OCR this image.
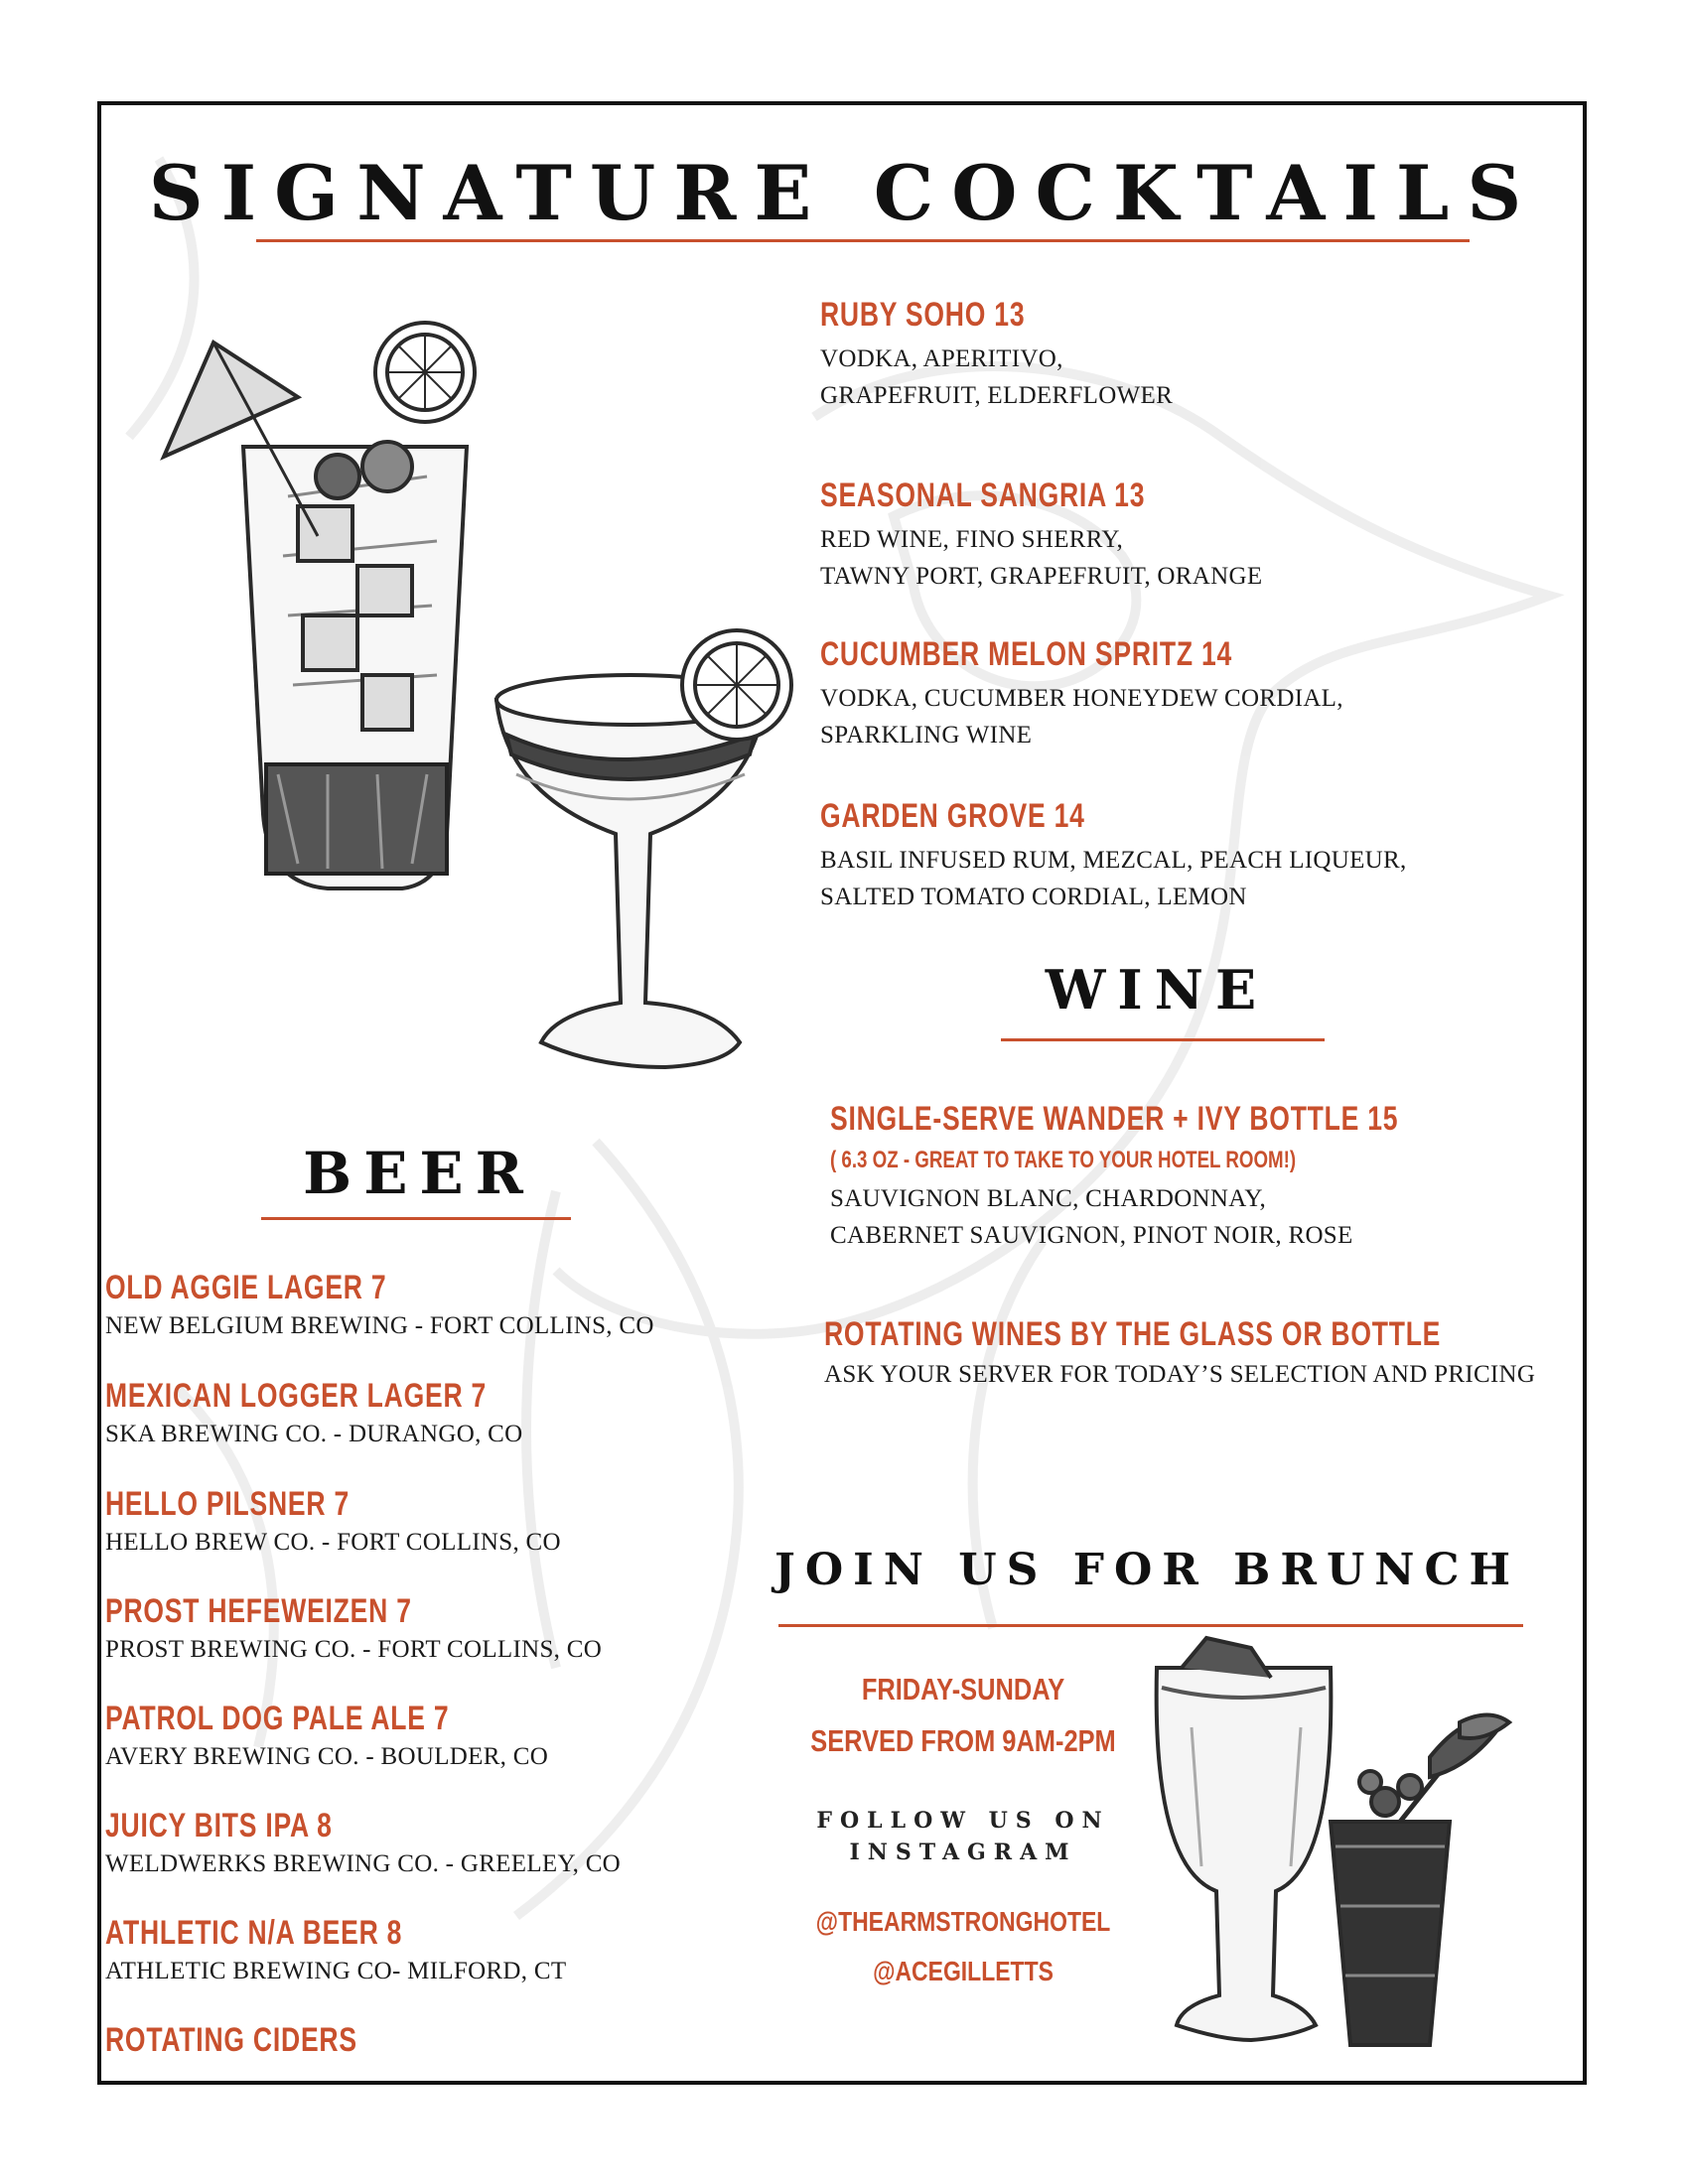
SIGNATURE COCKTAILS
RUBY SOHO 13
VODKA, APERITIVO,
GRAPEFRUIT, ELDERFLOWER
SEASONAL SANGRIA 13
RED WINE, FINO SHERRY,
TAWNY PORT, GRAPEFRUIT, ORANGE
CUCUMBER MELON SPRITZ 14
VODKA, CUCUMBER HONEYDEW CORDIAL,
SPARKLING WINE
GARDEN GROVE 14
BASIL INFUSED RUM, MEZCAL, PEACH LIQUEUR,
SALTED TOMATO CORDIAL, LEMON
WINE
SINGLE-SERVE WANDER + IVY BOTTLE 15
( 6.3 OZ - GREAT TO TAKE TO YOUR HOTEL ROOM!)
SAUVIGNON BLANC, CHARDONNAY,
CABERNET SAUVIGNON, PINOT NOIR, ROSE
ROTATING WINES BY THE GLASS OR BOTTLE
ASK YOUR SERVER FOR TODAY’S SELECTION AND PRICING
BEER
OLD AGGIE LAGER 7
NEW BELGIUM BREWING - FORT COLLINS, CO
MEXICAN LOGGER LAGER 7
SKA BREWING CO. - DURANGO, CO
HELLO PILSNER 7
HELLO BREW CO. - FORT COLLINS, CO
PROST HEFEWEIZEN 7
PROST BREWING CO. - FORT COLLINS, CO
PATROL DOG PALE ALE 7
AVERY BREWING CO. - BOULDER, CO
JUICY BITS IPA 8
WELDWERKS BREWING CO. - GREELEY, CO
ATHLETIC N/A BEER 8
ATHLETIC BREWING CO- MILFORD, CT
ROTATING CIDERS
JOIN US FOR BRUNCH
FRIDAY-SUNDAY
SERVED FROM 9AM-2PM
FOLLOW US ON
INSTAGRAM
@THEARMSTRONGHOTEL
@ACEGILLETTS
